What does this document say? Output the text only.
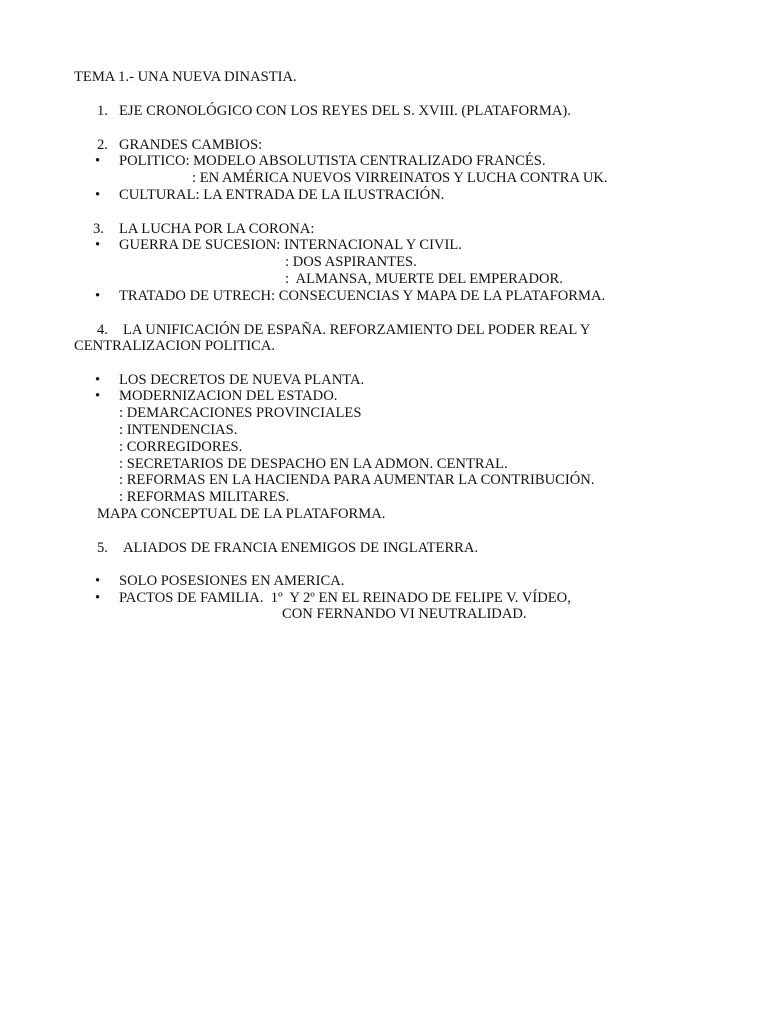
TEMA 1.- UNA NUEVA DINASTIA.
1. EJE CRONOLÓGICO CON LOS REYES DEL S. XVIII. (PLATAFORMA).
2. GRANDES CAMBIOS:
• POLITICO: MODELO ABSOLUTISTA CENTRALIZADO FRANCÉS.
: EN AMÉRICA NUEVOS VIRREINATOS Y LUCHA CONTRA UK.
• CULTURAL: LA ENTRADA DE LA ILUSTRACIÓN.
3. LA LUCHA POR LA CORONA:
• GUERRA DE SUCESION: INTERNACIONAL Y CIVIL.
: DOS ASPIRANTES.
:  ALMANSA, MUERTE DEL EMPERADOR.
• TRATADO DE UTRECH: CONSECUENCIAS Y MAPA DE LA PLATAFORMA.
4. LA UNIFICACIÓN DE ESPAÑA. REFORZAMIENTO DEL PODER REAL Y
CENTRALIZACION POLITICA.
• LOS DECRETOS DE NUEVA PLANTA.
• MODERNIZACION DEL ESTADO.
: DEMARCACIONES PROVINCIALES
: INTENDENCIAS.
: CORREGIDORES.
: SECRETARIOS DE DESPACHO EN LA ADMON. CENTRAL.
: REFORMAS EN LA HACIENDA PARA AUMENTAR LA CONTRIBUCIÓN.
: REFORMAS MILITARES.
MAPA CONCEPTUAL DE LA PLATAFORMA.
5. ALIADOS DE FRANCIA ENEMIGOS DE INGLATERRA.
• SOLO POSESIONES EN AMERICA.
• PACTOS DE FAMILIA.  1º  Y 2º EN EL REINADO DE FELIPE V. VÍDEO,
CON FERNANDO VI NEUTRALIDAD.
